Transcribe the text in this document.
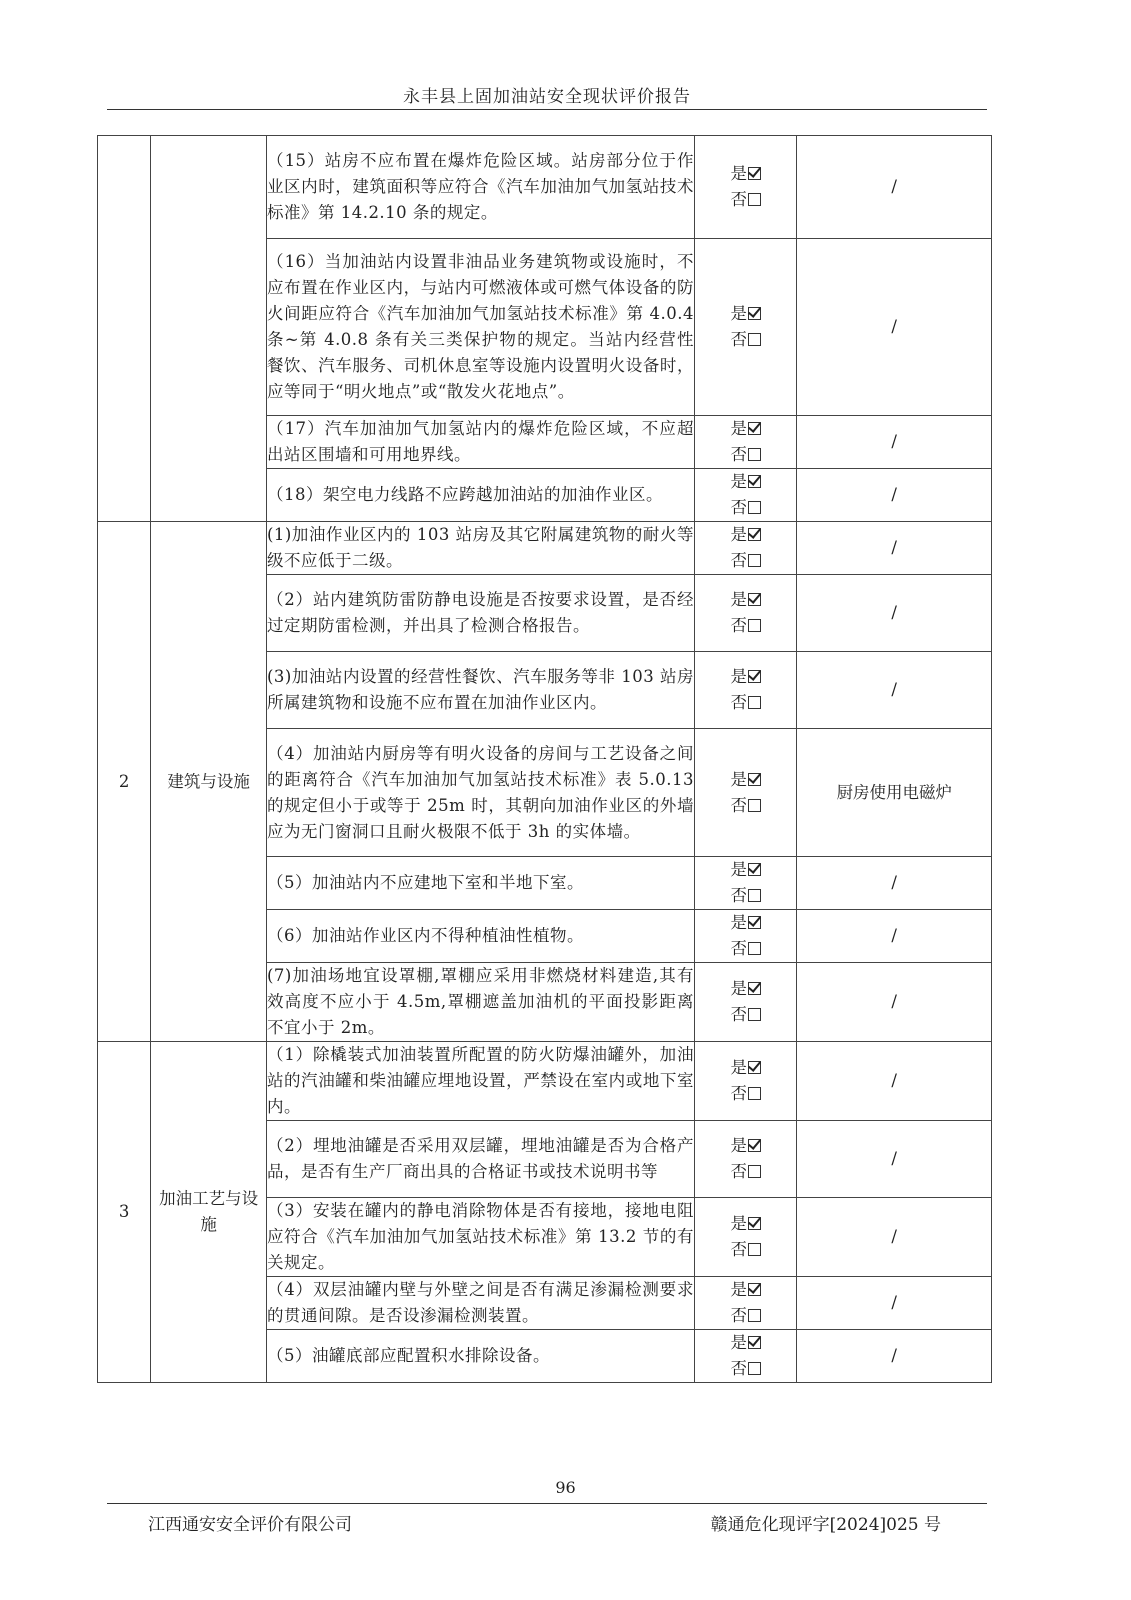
永丰县上固加油站安全现状评价报告
		（15）站房不应布置在爆炸危险区域。站房部分位于作业区内时，建筑面积等应符合《汽车加油加气加氢站技术标准》第 14.2.10 条的规定。	是
否	/
		（16）当加油站内设置非油品业务建筑物或设施时，不应布置在作业区内，与站内可燃液体或可燃气体设备的防火间距应符合《汽车加油加气加氢站技术标准》第 4.0.4 条~第 4.0.8 条有关三类保护物的规定。当站内经营性餐饮、汽车服务、司机休息室等设施内设置明火设备时，应等同于“明火地点”或“散发火花地点”。	是
否	/
		（17）汽车加油加气加氢站内的爆炸危险区域，不应超出站区围墙和可用地界线。	是
否	/
		（18）架空电力线路不应跨越加油站的加油作业区。	是
否	/
2	建筑与设施	(1)加油作业区内的 103 站房及其它附属建筑物的耐火等级不应低于二级。	是
否	/
		（2）站内建筑防雷防静电设施是否按要求设置，是否经过定期防雷检测，并出具了检测合格报告。	是
否	/
		(3)加油站内设置的经营性餐饮、汽车服务等非 103 站房所属建筑物和设施不应布置在加油作业区内。	是
否	/
		（4）加油站内厨房等有明火设备的房间与工艺设备之间的距离符合《汽车加油加气加氢站技术标准》表 5.0.13 的规定但小于或等于 25m 时，其朝向加油作业区的外墙应为无门窗洞口且耐火极限不低于 3h 的实体墙。	是
否	厨房使用电磁炉
		（5）加油站内不应建地下室和半地下室。	是
否	/
		（6）加油站作业区内不得种植油性植物。	是
否	/
		(7)加油场地宜设罩棚,罩棚应采用非燃烧材料建造,其有效高度不应小于 4.5m,罩棚遮盖加油机的平面投影距离不宜小于 2m。	是
否	/
3	加油工艺与设施	（1）除橇装式加油装置所配置的防火防爆油罐外，加油站的汽油罐和柴油罐应埋地设置，严禁设在室内或地下室内。	是
否	/
		（2）埋地油罐是否采用双层罐，埋地油罐是否为合格产品，是否有生产厂商出具的合格证书或技术说明书等	是
否	/
		（3）安装在罐内的静电消除物体是否有接地，接地电阻应符合《汽车加油加气加氢站技术标准》第 13.2 节的有关规定。	是
否	/
		（4）双层油罐内壁与外壁之间是否有满足渗漏检测要求的贯通间隙。是否设渗漏检测装置。	是
否	/
		（5）油罐底部应配置积水排除设备。	是
否	/
96
江西通安安全评价有限公司	赣通危化现评字[2024]025 号
